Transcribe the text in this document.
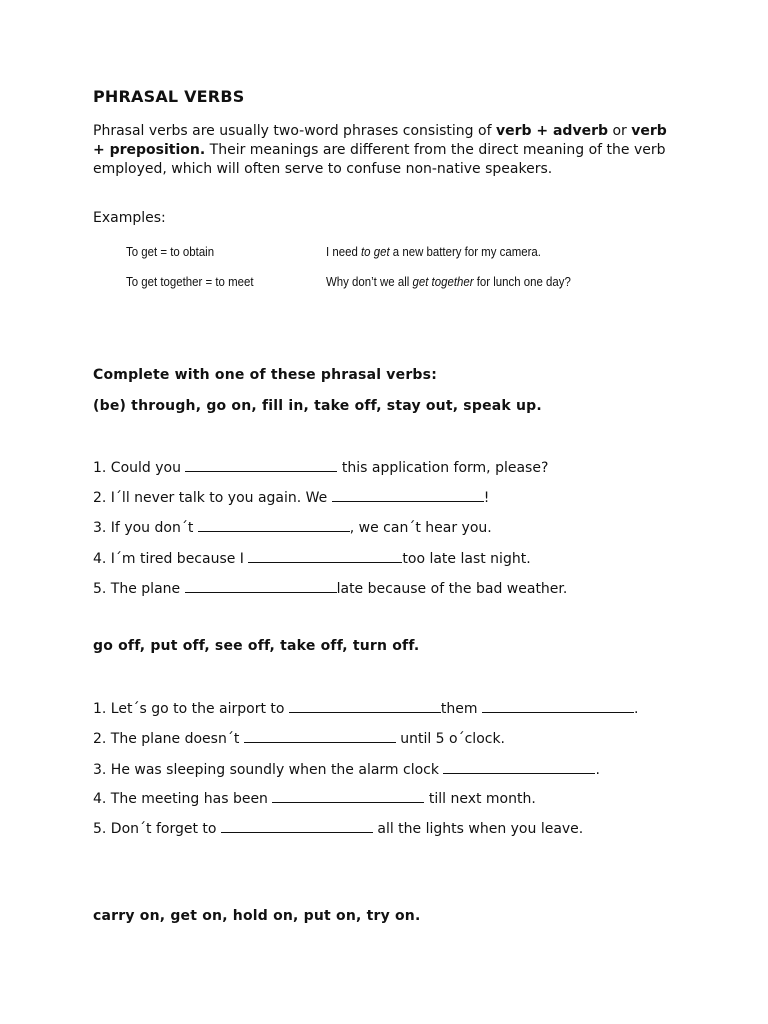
PHRASAL VERBS
Phrasal verbs are usually two-word phrases consisting of verb + adverb or verb + preposition. Their meanings are different from the direct meaning of the verb employed, which will often serve to confuse non-native speakers.
Examples:
To get = to obtain	I need to get a new battery for my camera.
To get together = to meet	Why don’t we all get together for lunch one day?
Complete with one of these phrasal verbs:
(be) through, go on, fill in, take off, stay out, speak up.
1. Could you	this application form, please?
2. I´ll never talk to you again. We	!
3. If you don´t	, we can´t hear you.
4. I´m tired because I	too late last night.
5. The plane	late because of the bad weather.
go off, put off, see off, take off, turn off.
1. Let´s go to the airport to	them	.
2. The plane doesn´t	until 5 o´clock.
3. He was sleeping soundly when the alarm clock	.
4. The meeting has been	till next month.
5. Don´t forget to	all the lights when you leave.
carry on, get on, hold on, put on, try on.
